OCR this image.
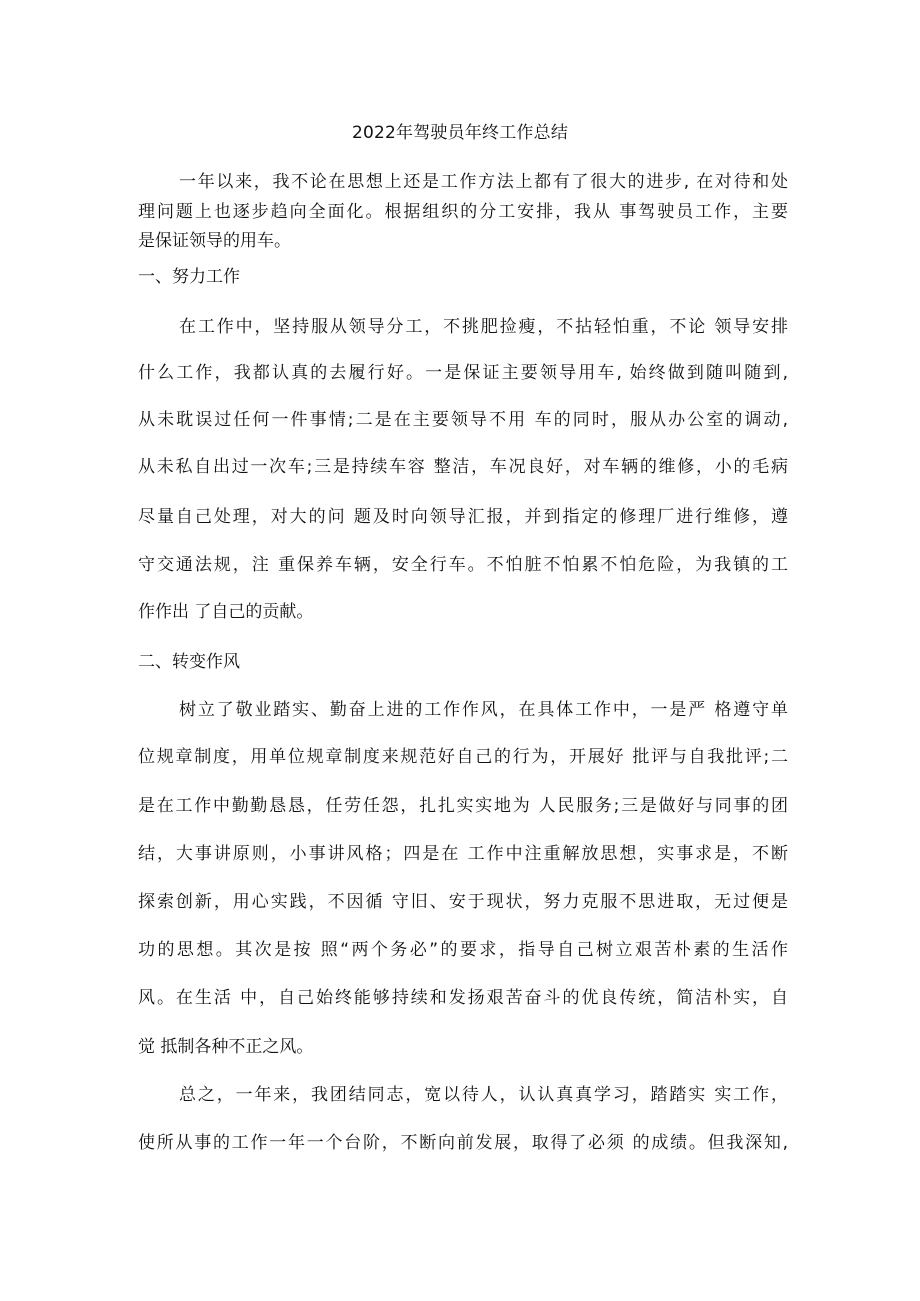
2022年驾驶员年终工作总结
一年以来，我不论在思想上还是工作方法上都有了很大的进步, 在对待和处
理问题上也逐步趋向全面化。根据组织的分工安排，我从 事驾驶员工作，主要
是保证领导的用车。
一、努力工作
在工作中，坚持服从领导分工，不挑肥捡瘦，不拈轻怕重，不论 领导安排
什么工作，我都认真的去履行好。一是保证主要领导用车, 始终做到随叫随到,
从未耽误过任何一件事情;二是在主要领导不用 车的同时，服从办公室的调动,
从未私自出过一次车;三是持续车容 整洁，车况良好，对车辆的维修，小的毛病
尽量自己处理，对大的问 题及时向领导汇报，并到指定的修理厂进行维修，遵
守交通法规，注 重保养车辆，安全行车。不怕脏不怕累不怕危险，为我镇的工
作作出 了自己的贡献。
二、转变作风
树立了敬业踏实、勤奋上进的工作作风，在具体工作中，一是严 格遵守单
位规章制度，用单位规章制度来规范好自己的行为，开展好 批评与自我批评;二
是在工作中勤勤恳恳，任劳任怨，扎扎实实地为 人民服务;三是做好与同事的团
结，大事讲原则，小事讲风格；四是在 工作中注重解放思想，实事求是，不断
探索创新，用心实践，不因循 守旧、安于现状，努力克服不思进取，无过便是
功的思想。其次是按 照“两个务必”的要求，指导自己树立艰苦朴素的生活作
风。在生活 中，自己始终能够持续和发扬艰苦奋斗的优良传统，简洁朴实，自
觉 抵制各种不正之风。
总之，一年来，我团结同志，宽以待人，认认真真学习，踏踏实 实工作，
使所从事的工作一年一个台阶，不断向前发展，取得了必须 的成绩。但我深知,
